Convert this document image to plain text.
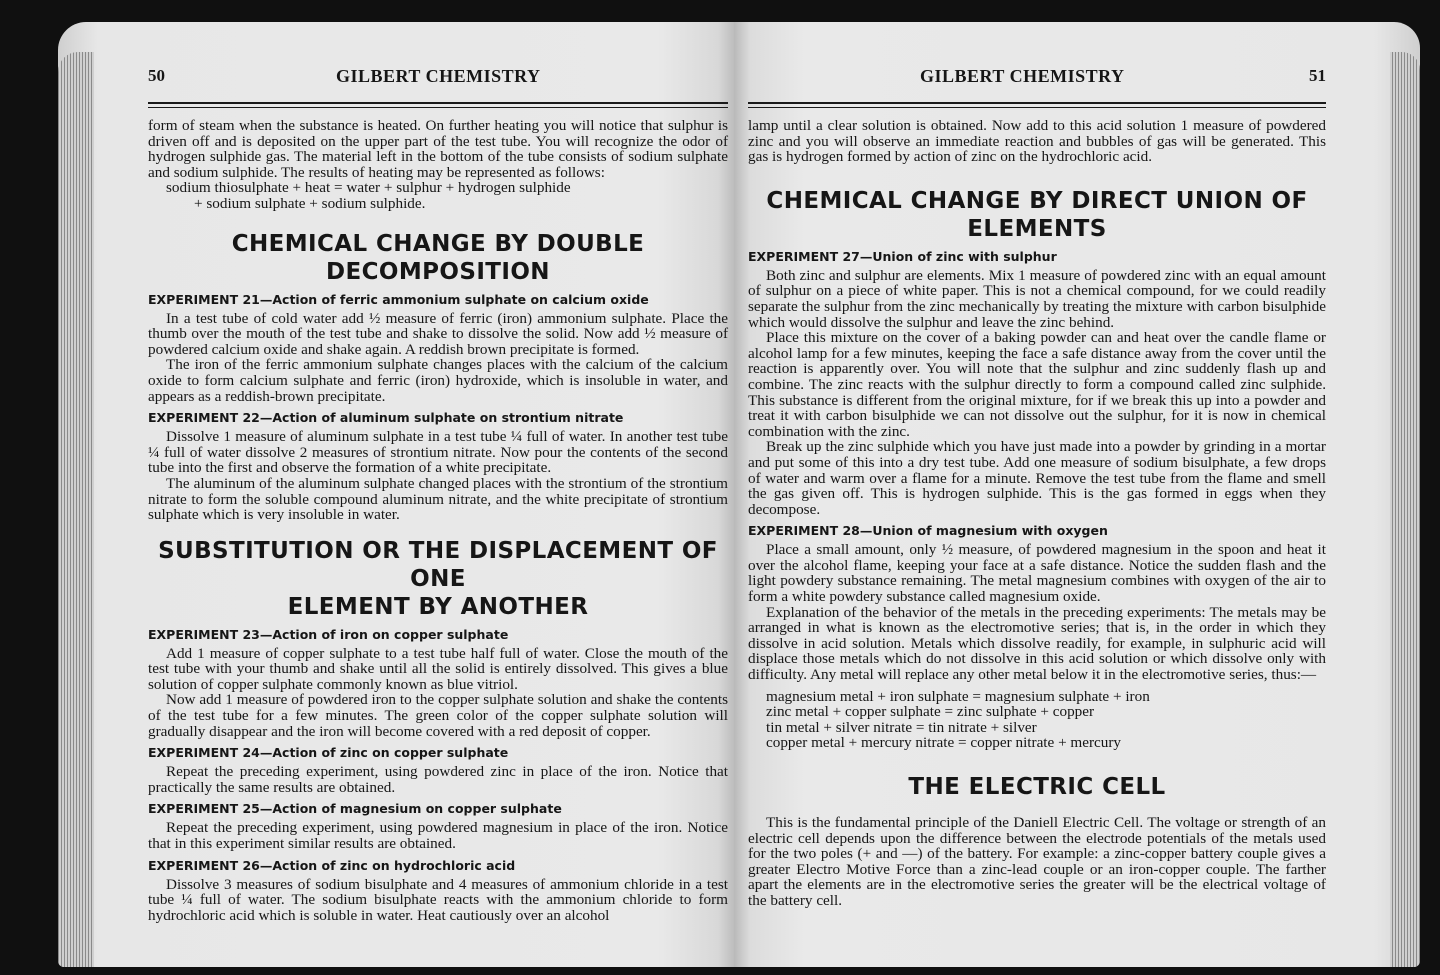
50	GILBERT CHEMISTRY

form of steam when the substance is heated. On further heating you will notice that sulphur is driven off and is deposited on the upper part of the test tube. You will recognize the odor of hydrogen sulphide gas. The material left in the bottom of the tube consists of sodium sulphate and sodium sulphide. The results of heating may be represented as follows:

sodium thiosulphate + heat = water + sulphur + hydrogen sulphide
+ sodium sulphate + sodium sulphide.
CHEMICAL CHANGE BY DOUBLE DECOMPOSITION
EXPERIMENT 21—Action of ferric ammonium sulphate on calcium oxide

In a test tube of cold water add ½ measure of ferric (iron) ammonium sulphate. Place the thumb over the mouth of the test tube and shake to dissolve the solid. Now add ½ measure of powdered calcium oxide and shake again. A reddish brown precipitate is formed.

The iron of the ferric ammonium sulphate changes places with the calcium of the calcium oxide to form calcium sulphate and ferric (iron) hydroxide, which is insoluble in water, and appears as a reddish-brown precipitate.

EXPERIMENT 22—Action of aluminum sulphate on strontium nitrate

Dissolve 1 measure of aluminum sulphate in a test tube ¼ full of water. In another test tube ¼ full of water dissolve 2 measures of strontium nitrate. Now pour the contents of the second tube into the first and observe the formation of a white precipitate.

The aluminum of the aluminum sulphate changed places with the strontium of the strontium nitrate to form the soluble compound aluminum nitrate, and the white precipitate of strontium sulphate which is very insoluble in water.

SUBSTITUTION OR THE DISPLACEMENT OF ONE
ELEMENT BY ANOTHER
EXPERIMENT 23—Action of iron on copper sulphate

Add 1 measure of copper sulphate to a test tube half full of water. Close the mouth of the test tube with your thumb and shake until all the solid is entirely dissolved. This gives a blue solution of copper sulphate commonly known as blue vitriol.

Now add 1 measure of powdered iron to the copper sulphate solution and shake the contents of the test tube for a few minutes. The green color of the copper sulphate solution will gradually disappear and the iron will become covered with a red deposit of copper.

EXPERIMENT 24—Action of zinc on copper sulphate

Repeat the preceding experiment, using powdered zinc in place of the iron. Notice that practically the same results are obtained.

EXPERIMENT 25—Action of magnesium on copper sulphate

Repeat the preceding experiment, using powdered magnesium in place of the iron. Notice that in this experiment similar results are obtained.

EXPERIMENT 26—Action of zinc on hydrochloric acid

Dissolve 3 measures of sodium bisulphate and 4 measures of ammonium chloride in a test tube ¼ full of water. The sodium bisulphate reacts with the ammonium chloride to form hydrochloric acid which is soluble in water. Heat cautiously over an alcohol

GILBERT CHEMISTRY	51

lamp until a clear solution is obtained. Now add to this acid solution 1 measure of powdered zinc and you will observe an immediate reaction and bubbles of gas will be generated. This gas is hydrogen formed by action of zinc on the hydrochloric acid.

CHEMICAL CHANGE BY DIRECT UNION OF
ELEMENTS
EXPERIMENT 27—Union of zinc with sulphur

Both zinc and sulphur are elements. Mix 1 measure of powdered zinc with an equal amount of sulphur on a piece of white paper. This is not a chemical compound, for we could readily separate the sulphur from the zinc mechanically by treating the mixture with carbon bisulphide which would dissolve the sulphur and leave the zinc behind.

Place this mixture on the cover of a baking powder can and heat over the candle flame or alcohol lamp for a few minutes, keeping the face a safe distance away from the cover until the reaction is apparently over. You will note that the sulphur and zinc suddenly flash up and combine. The zinc reacts with the sulphur directly to form a compound called zinc sulphide. This substance is different from the original mixture, for if we break this up into a powder and treat it with carbon bisulphide we can not dissolve out the sulphur, for it is now in chemical combination with the zinc.

Break up the zinc sulphide which you have just made into a powder by grinding in a mortar and put some of this into a dry test tube. Add one measure of sodium bisulphate, a few drops of water and warm over a flame for a minute. Remove the test tube from the flame and smell the gas given off. This is hydrogen sulphide. This is the gas formed in eggs when they decompose.

EXPERIMENT 28—Union of magnesium with oxygen

Place a small amount, only ½ measure, of powdered magnesium in the spoon and heat it over the alcohol flame, keeping your face at a safe distance. Notice the sudden flash and the light powdery substance remaining. The metal magnesium combines with oxygen of the air to form a white powdery substance called magnesium oxide.

Explanation of the behavior of the metals in the preceding experiments: The metals may be arranged in what is known as the electromotive series; that is, in the order in which they dissolve in acid solution. Metals which dissolve readily, for example, in sulphuric acid will displace those metals which do not dissolve in this acid solution or which dissolve only with difficulty. Any metal will replace any other metal below it in the electromotive series, thus:—

magnesium metal + iron sulphate = magnesium sulphate + iron
zinc metal + copper sulphate = zinc sulphate + copper
tin metal + silver nitrate = tin nitrate + silver
copper metal + mercury nitrate = copper nitrate + mercury
THE ELECTRIC CELL

This is the fundamental principle of the Daniell Electric Cell. The voltage or strength of an electric cell depends upon the difference between the electrode potentials of the metals used for the two poles (+ and —) of the battery. For example: a zinc-copper battery couple gives a greater Electro Motive Force than a zinc-lead couple or an iron-copper couple. The farther apart the elements are in the electromotive series the greater will be the electrical voltage of the battery cell.
